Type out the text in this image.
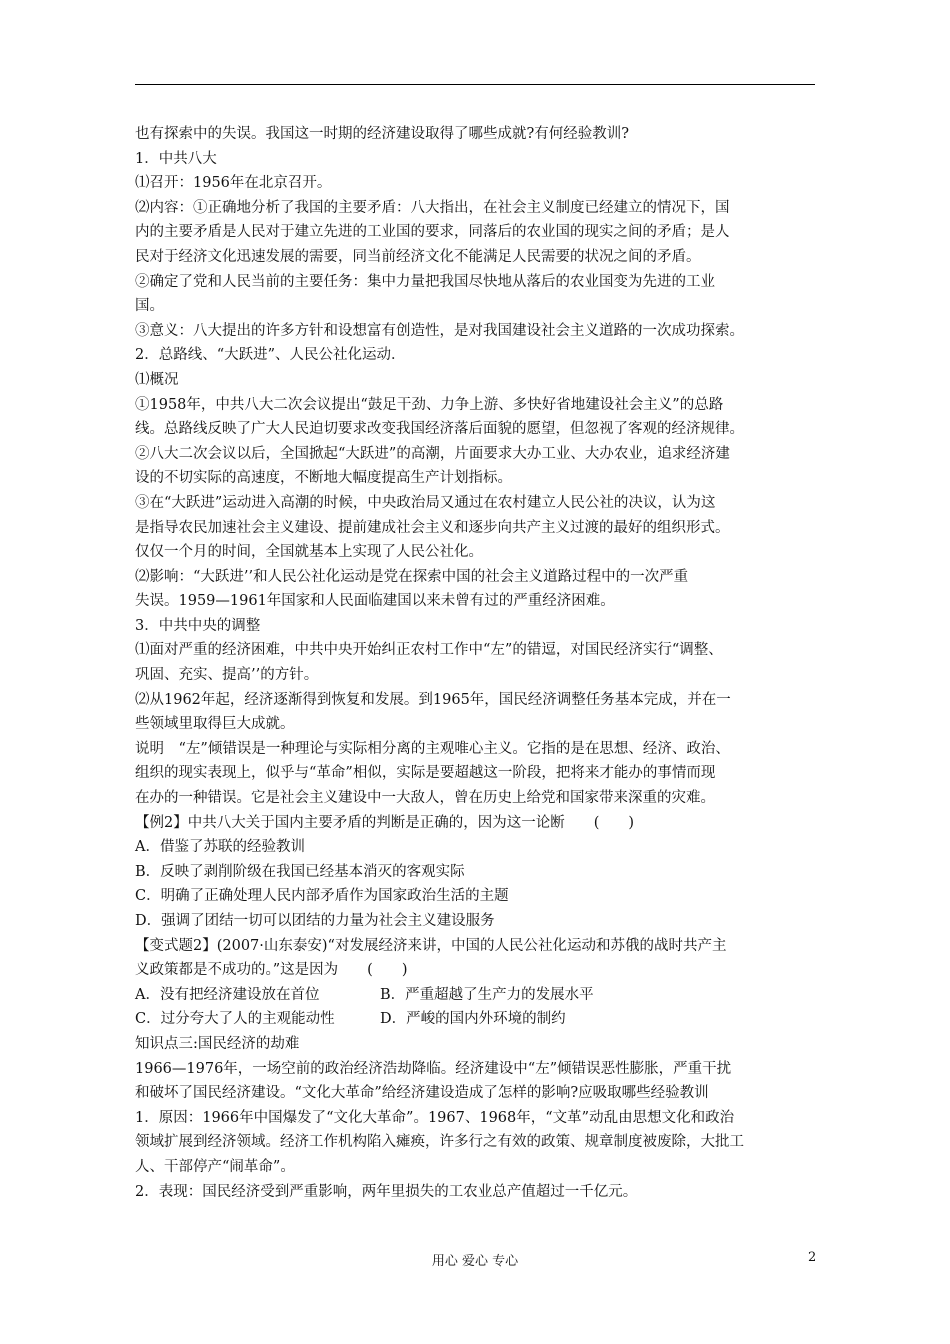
也有探索中的失误。我国这一时期的经济建设取得了哪些成就?有何经验教训?
1．中共八大
⑴召开：1956年在北京召开。
⑵内容：①正确地分析了我国的主要矛盾：八大指出，在社会主义制度已经建立的情况下，国
内的主要矛盾是人民对于建立先进的工业国的要求，同落后的农业国的现实之间的矛盾；是人
民对于经济文化迅速发展的需要，同当前经济文化不能满足人民需要的状况之间的矛盾。
②确定了党和人民当前的主要任务：集中力量把我国尽快地从落后的农业国变为先进的工业
国。
③意义：八大提出的许多方针和设想富有创造性，是对我国建设社会主义道路的一次成功探索。
2．总路线、“大跃进”、人民公社化运动．
⑴概况
①1958年，中共八大二次会议提出“鼓足干劲、力争上游、多快好省地建设社会主义”的总路
线。总路线反映了广大人民迫切要求改变我国经济落后面貌的愿望，但忽视了客观的经济规律。
②八大二次会议以后，全国掀起“大跃进”的高潮，片面要求大办工业、大办农业，追求经济建
设的不切实际的高速度，不断地大幅度提高生产计划指标。
③在“大跃进”运动进入高潮的时候，中央政治局又通过在农村建立人民公社的决议，认为这
是指导农民加速社会主义建设、提前建成社会主义和逐步向共产主义过渡的最好的组织形式。
仅仅一个月的时间，全国就基本上实现了人民公社化。
⑵影响：“大跃进’’和人民公社化运动是党在探索中国的社会主义道路过程中的一次严重
失误。1959—1961年国家和人民面临建国以来未曾有过的严重经济困难。
3．中共中央的调整
⑴面对严重的经济困难，中共中央开始纠正农村工作中“左”的错逗，对国民经济实行“调整、
巩固、充实、提高’’的方针。
⑵从1962年起，经济逐渐得到恢复和发展。到1965年，国民经济调整任务基本完成，并在一
些领域里取得巨大成就。
说明　“左”倾错误是一种理论与实际相分离的主观唯心主义。它指的是在思想、经济、政治、
组织的现实表现上，似乎与“革命”相似，实际是要超越这一阶段，把将来才能办的事情而现
在办的一种错误。它是社会主义建设中一大敌人，曾在历史上给党和国家带来深重的灾难。
【例2】中共八大关于国内主要矛盾的判断是正确的，因为这一论断　　(　　)
A．借鉴了苏联的经验教训
B．反映了剥削阶级在我国已经基本消灭的客观实际
C．明确了正确处理人民内部矛盾作为国家政治生活的主题
D．强调了团结一切可以团结的力量为社会主义建设服务
【变式题2】(2007·山东泰安)“对发展经济来讲，中国的人民公社化运动和苏俄的战时共产主
义政策都是不成功的。”这是因为　　(　　)
A．没有把经济建设放在首位	B．严重超越了生产力的发展水平
C．过分夸大了人的主观能动性	D．严峻的国内外环境的制约
知识点三:国民经济的劫难
1966—1976年，一场空前的政治经济浩劫降临。经济建设中“左”倾错误恶性膨胀，严重干扰
和破坏了国民经济建设。“文化大革命”给经济建设造成了怎样的影响?应吸取哪些经验教训
1．原因：1966年中国爆发了“文化大革命”。1967、1968年，“文革”动乱由思想文化和政治
领域扩展到经济领域。经济工作机构陷入瘫痪，许多行之有效的政策、规章制度被废除，大批工
人、干部停产“闹革命”。
2．表现：国民经济受到严重影响，两年里损失的工农业总产值超过一千亿元。
用心 爱心 专心	2
